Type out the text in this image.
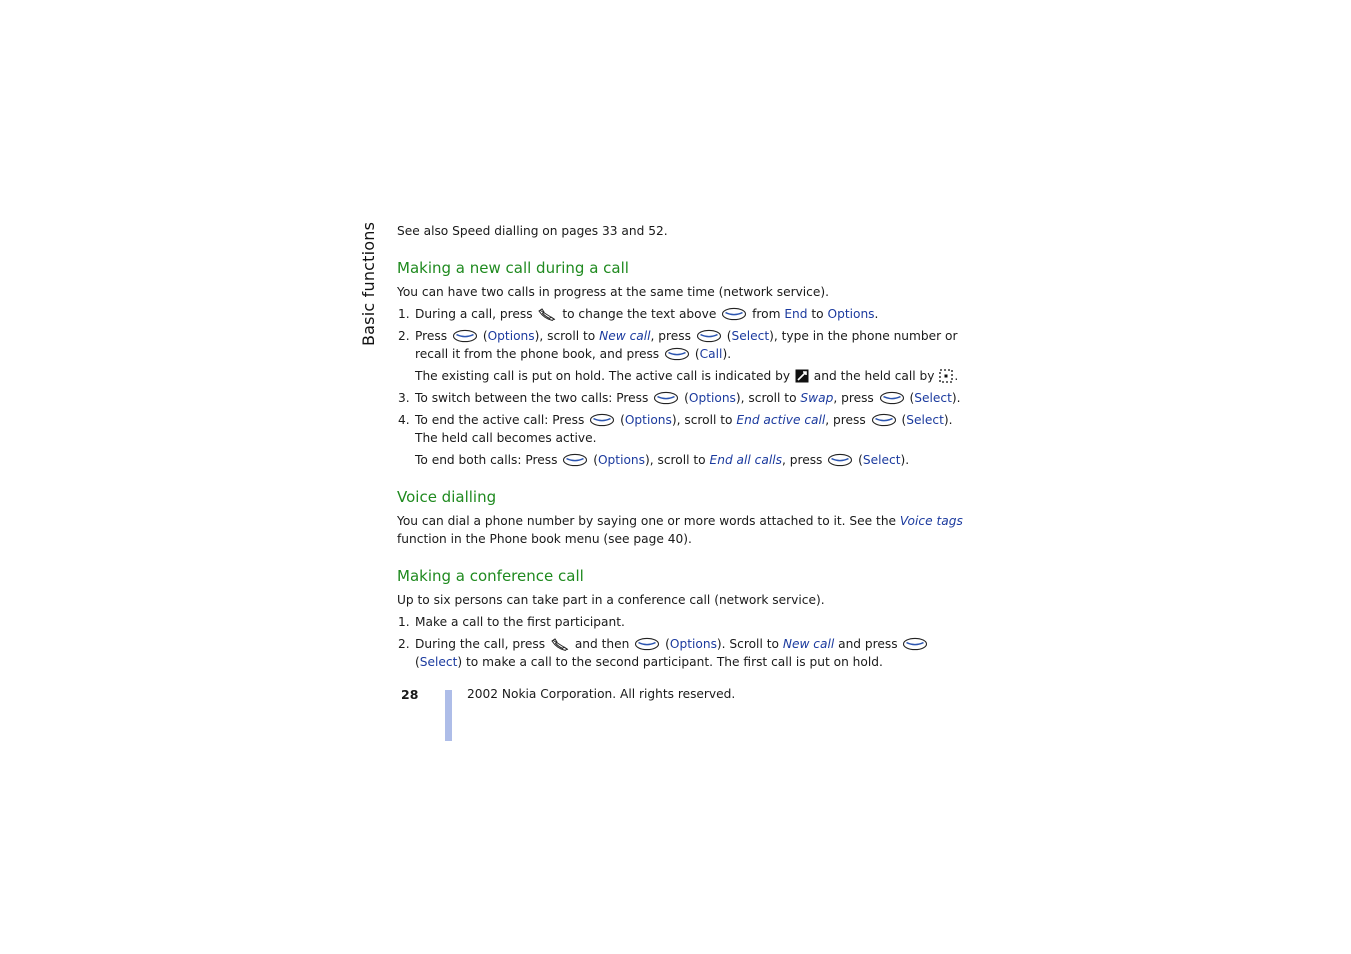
Basic functions See also Speed dialling on pages 33 and 52.

Making a new call during a call

You can have two calls in progress at the same time (network service).

1. During a call, press to change the text above	from End to Options.
2. Press	(Options), scroll to New call, press	(Select), type in the phone number or recall it from the phone book, and press	(Call).
The existing call is put on hold. The active call is indicated by and the held call by .
3. To switch between the two calls: Press	(Options), scroll to Swap, press	(Select).
4. To end the active call: Press	(Options), scroll to End active call, press	(Select). The held call becomes active.
To end both calls: Press	(Options), scroll to End all calls, press	(Select).
Voice dialling

You can dial a phone number by saying one or more words attached to it. See the Voice tags function in the Phone book menu (see page 40).

Making a conference call

Up to six persons can take part in a conference call (network service).

1. Make a call to the first participant.
2. During the call, press and then	(Options). Scroll to New call and press  (Select) to make a call to the second participant. The first call is put on hold.
28	2002 Nokia Corporation. All rights reserved.
